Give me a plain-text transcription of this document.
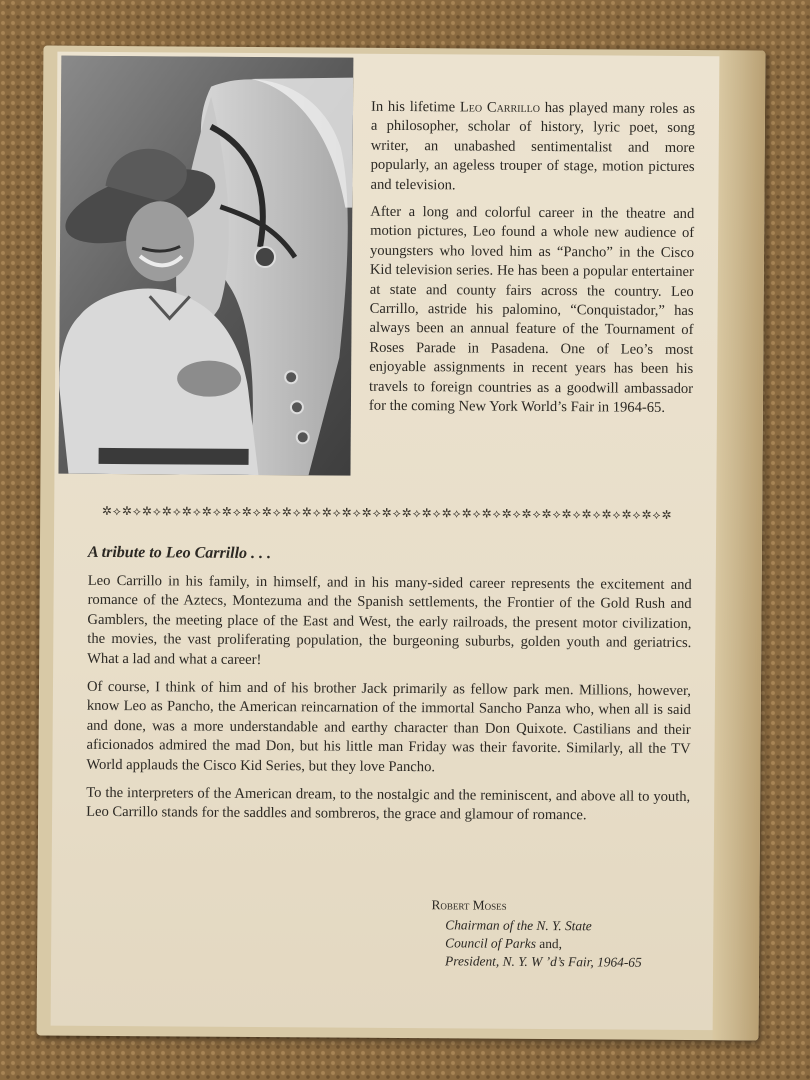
In his lifetime Leo Carrillo has played many roles as a philosopher, scholar of history, lyric poet, song writer, an unabashed sentimentalist and more popularly, an ageless trouper of stage, motion pictures and television.

After a long and colorful career in the theatre and motion pictures, Leo found a whole new audience of youngsters who loved him as “Pancho” in the Cisco Kid television series. He has been a popular entertainer at state and county fairs across the country. Leo Carrillo, astride his palomino, “Conquistador,” has always been an annual feature of the Tournament of Roses Parade in Pasadena. One of Leo’s most enjoyable assignments in recent years has been his travels to foreign countries as a goodwill ambassador for the coming New York World’s Fair in 1964-65.

✲⟡✲⟡✲⟡✲⟡✲⟡✲⟡✲⟡✲⟡✲⟡✲⟡✲⟡✲⟡✲⟡✲⟡✲⟡✲⟡✲⟡✲⟡✲⟡✲⟡✲⟡✲⟡✲⟡✲⟡✲⟡✲⟡✲⟡✲⟡✲
A tribute to Leo Carrillo . . .

Leo Carrillo in his family, in himself, and in his many-sided career represents the excitement and romance of the Aztecs, Montezuma and the Spanish settlements, the Frontier of the Gold Rush and Gamblers, the meeting place of the East and West, the early railroads, the present motor civilization, the movies, the vast proliferating population, the burgeoning suburbs, golden youth and geriatrics. What a lad and what a career!

Of course, I think of him and of his brother Jack primarily as fellow park men. Millions, however, know Leo as Pancho, the American reincarnation of the immortal Sancho Panza who, when all is said and done, was a more understandable and earthy character than Don Quixote. Castilians and their aficionados admired the mad Don, but his little man Friday was their favorite. Similarly, all the TV World applauds the Cisco Kid Series, but they love Pancho.

To the interpreters of the American dream, to the nostalgic and the reminiscent, and above all to youth, Leo Carrillo stands for the saddles and sombreros, the grace and glamour of romance.

Robert Moses
Chairman of the N. Y. State
Council of Parks and,
President, N. Y. W ’d’s Fair, 1964-65
